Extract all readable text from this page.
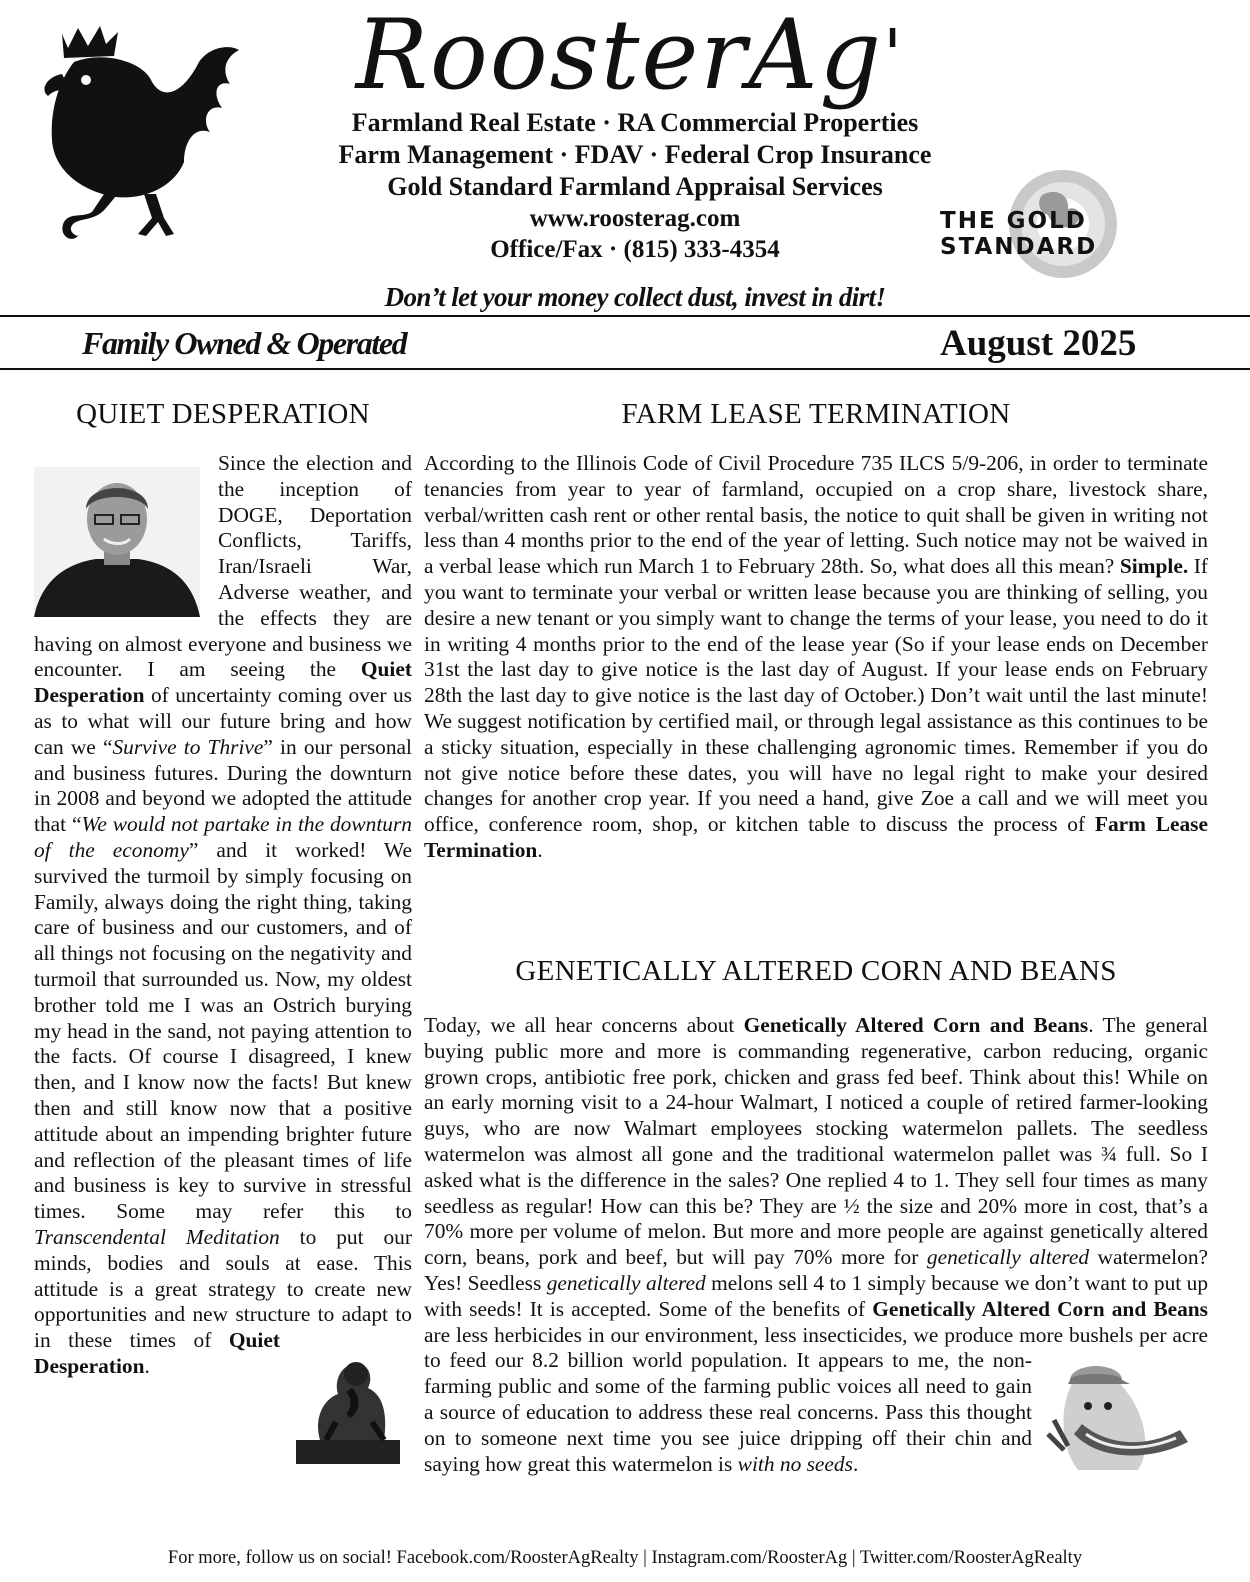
RoosterAg'
Farmland Real Estate · RA Commercial Properties
Farm Management · FDAV · Federal Crop Insurance
Gold Standard Farmland Appraisal Services
www.roosterag.com
Office/Fax · (815) 333-4354
THE GOLD STANDARD
Don’t let your money collect dust, invest in dirt!
Family Owned & Operated	August 2025
QUIET DESPERATION
Since the election and the inception of DOGE, Deportation Conflicts, Tariffs, Iran/Israeli War, Adverse weather, and the effects they are having on almost everyone and business we encounter. I am seeing the Quiet Desperation of uncertainty coming over us as to what will our future bring and how can we “Survive to Thrive” in our personal and business futures. During the downturn in 2008 and beyond we adopted the attitude that “We would not partake in the downturn of the economy” and it worked! We survived the turmoil by simply focusing on Family, always doing the right thing, taking care of business and our customers, and of all things not focusing on the negativity and turmoil that surrounded us. Now, my oldest brother told me I was an Ostrich burying my head in the sand, not paying attention to the facts. Of course I disagreed, I knew then, and I know now the facts! But knew then and still know now that a positive attitude about an impending brighter future and reflection of the pleasant times of life and business is key to survive in stressful times. Some may refer this to Transcendental Meditation to put our minds, bodies and souls at ease. This attitude is a great strategy to create new opportunities and new structure to adapt to in these times of
Quiet Desperation.
FARM LEASE TERMINATION
According to the Illinois Code of Civil Procedure 735 ILCS 5/9-206, in order to terminate tenancies from year to year of farmland, occupied on a crop share, livestock share, verbal/written cash rent or other rental basis, the notice to quit shall be given in writing not less than 4 months prior to the end of the year of letting. Such notice may not be waived in a verbal lease which run March 1 to February 28th. So, what does all this mean? Simple. If you want to terminate your verbal or written lease because you are thinking of selling, you desire a new tenant or you simply want to change the terms of your lease, you need to do it in writing 4 months prior to the end of the lease year (So if your lease ends on December 31st the last day to give notice is the last day of August. If your lease ends on February 28th the last day to give notice is the last day of October.) Don’t wait until the last minute! We suggest notification by certified mail, or through legal assistance as this continues to be a sticky situation, especially in these challenging agronomic times. Remember if you do not give notice before these dates, you will have no legal right to make your desired changes for another crop year. If you need a hand, give Zoe a call and we will meet you office, conference room, shop, or kitchen table to discuss the process of Farm Lease Termination.
GENETICALLY ALTERED CORN AND BEANS
Today, we all hear concerns about Genetically Altered Corn and Beans. The general buying public more and more is commanding regenerative, carbon reducing, organic grown crops, antibiotic free pork, chicken and grass fed beef. Think about this! While on an early morning visit to a 24-hour Walmart, I noticed a couple of retired farmer-looking guys, who are now Walmart employees stocking watermelon pallets. The seedless watermelon was almost all gone and the traditional watermelon pallet was ¾ full. So I asked what is the difference in the sales? One replied 4 to 1. They sell four times as many seedless as regular! How can this be? They are ½ the size and 20% more in cost, that’s a 70% more per volume of melon. But more and more people are against genetically altered corn, beans, pork and beef, but will pay 70% more for genetically altered watermelon? Yes! Seedless genetically altered melons sell 4 to 1 simply because we don’t want to put up with seeds! It is accepted. Some of the benefits of Genetically Altered Corn and Beans are less herbicides in our environment, less insecticides, we produce more bushels per acre to feed our 8.2 billion world population.
It appears to me, the non-farming public and some of the farming public voices all need to gain a source of education to address these real concerns. Pass this thought on to someone next time you see juice dripping off their chin and saying how great this watermelon is with no seeds.
For more, follow us on social! Facebook.com/RoosterAgRealty | Instagram.com/RoosterAg | Twitter.com/RoosterAgRealty
